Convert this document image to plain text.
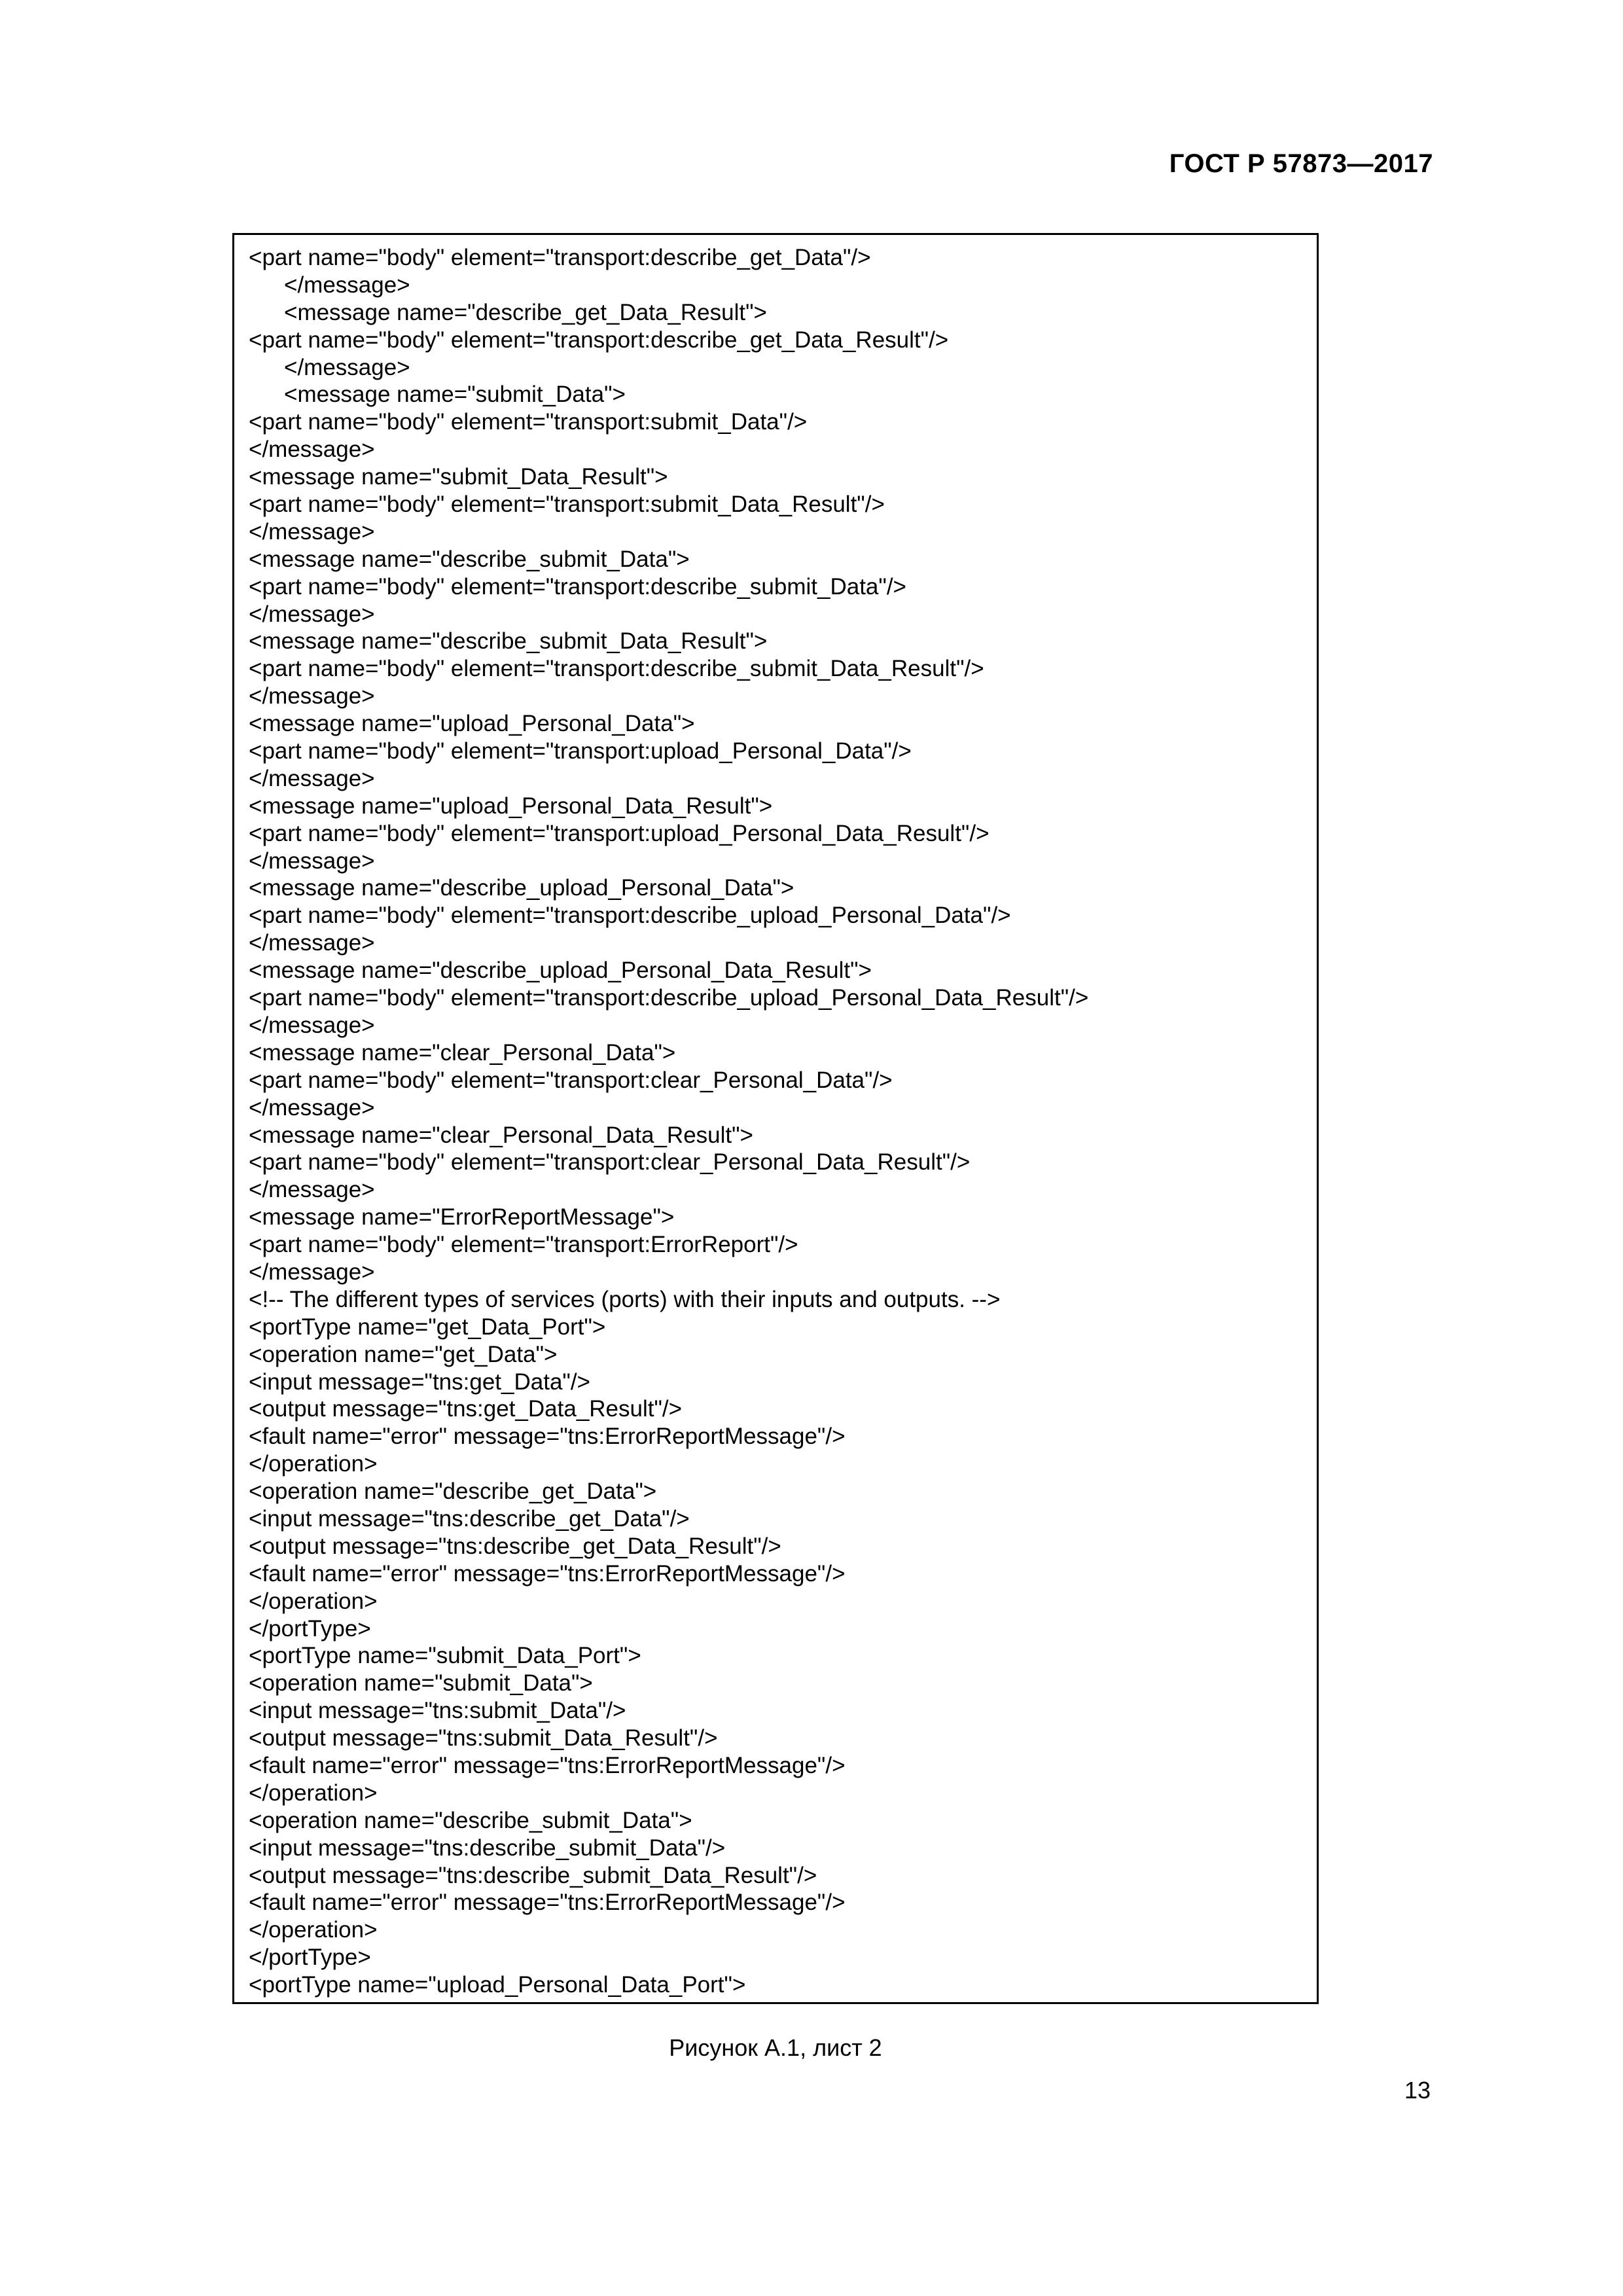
ГОСТ Р 57873—2017
<part name="body" element="transport:describe_get_Data"/>
</message>
<message name="describe_get_Data_Result">
<part name="body" element="transport:describe_get_Data_Result"/>
</message>
<message name="submit_Data">
<part name="body" element="transport:submit_Data"/>
</message>
<message name="submit_Data_Result">
<part name="body" element="transport:submit_Data_Result"/>
</message>
<message name="describe_submit_Data">
<part name="body" element="transport:describe_submit_Data"/>
</message>
<message name="describe_submit_Data_Result">
<part name="body" element="transport:describe_submit_Data_Result"/>
</message>
<message name="upload_Personal_Data">
<part name="body" element="transport:upload_Personal_Data"/>
</message>
<message name="upload_Personal_Data_Result">
<part name="body" element="transport:upload_Personal_Data_Result"/>
</message>
<message name="describe_upload_Personal_Data">
<part name="body" element="transport:describe_upload_Personal_Data"/>
</message>
<message name="describe_upload_Personal_Data_Result">
<part name="body" element="transport:describe_upload_Personal_Data_Result"/>
</message>
<message name="clear_Personal_Data">
<part name="body" element="transport:clear_Personal_Data"/>
</message>
<message name="clear_Personal_Data_Result">
<part name="body" element="transport:clear_Personal_Data_Result"/>
</message>
<message name="ErrorReportMessage">
<part name="body" element="transport:ErrorReport"/>
</message>
<!-- The different types of services (ports) with their inputs and outputs. -->
<portType name="get_Data_Port">
<operation name="get_Data">
<input message="tns:get_Data"/>
<output message="tns:get_Data_Result"/>
<fault name="error" message="tns:ErrorReportMessage"/>
</operation>
<operation name="describe_get_Data">
<input message="tns:describe_get_Data"/>
<output message="tns:describe_get_Data_Result"/>
<fault name="error" message="tns:ErrorReportMessage"/>
</operation>
</portType>
<portType name="submit_Data_Port">
<operation name="submit_Data">
<input message="tns:submit_Data"/>
<output message="tns:submit_Data_Result"/>
<fault name="error" message="tns:ErrorReportMessage"/>
</operation>
<operation name="describe_submit_Data">
<input message="tns:describe_submit_Data"/>
<output message="tns:describe_submit_Data_Result"/>
<fault name="error" message="tns:ErrorReportMessage"/>
</operation>
</portType>
<portType name="upload_Personal_Data_Port">
Рисунок А.1, лист 2
13
